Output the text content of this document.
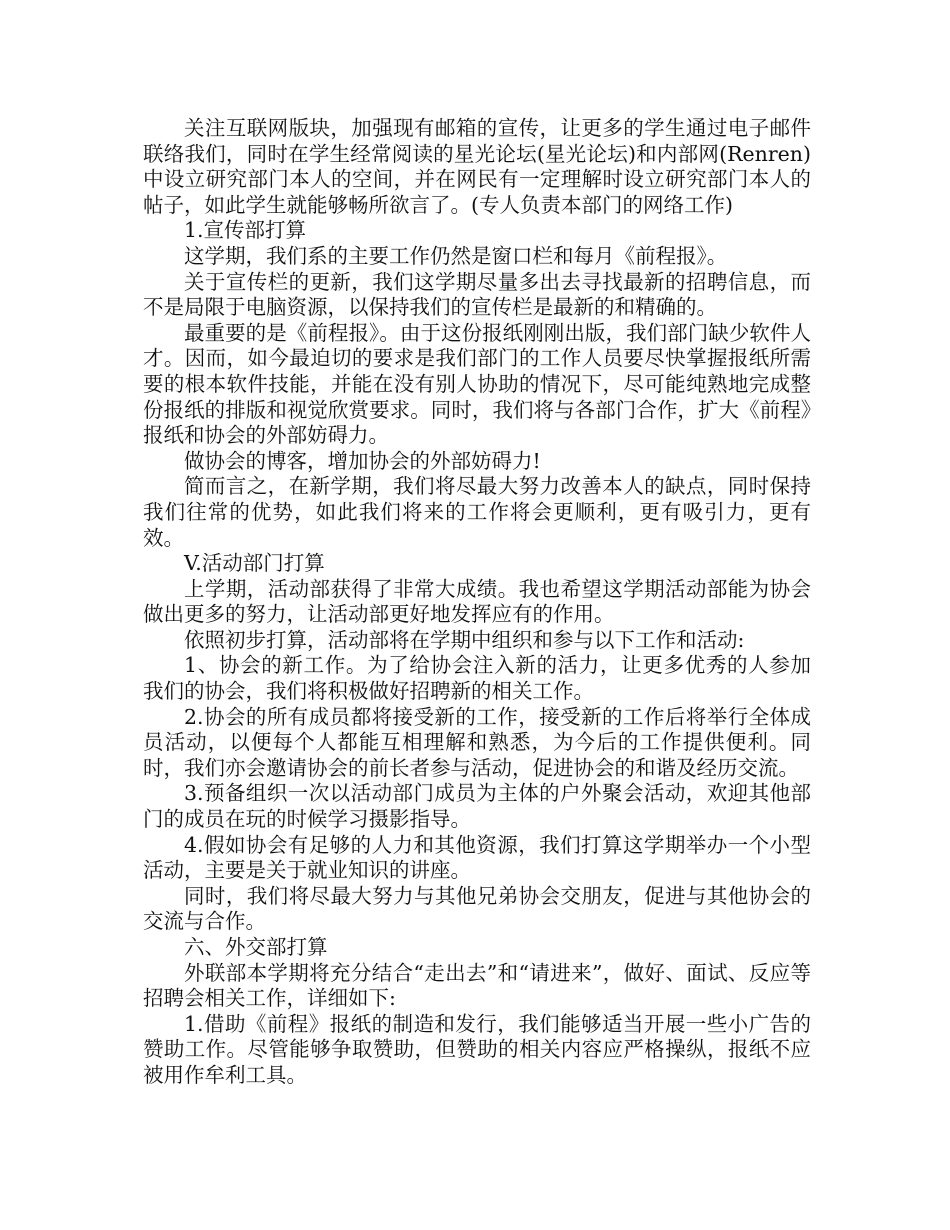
关注互联网版块，加强现有邮箱的宣传，让更多的学生通过电子邮件联络我们，同时在学生经常阅读的星光论坛(星光论坛)和内部网(Renren)中设立研究部门本人的空间，并在网民有一定理解时设立研究部门本人的帖子，如此学生就能够畅所欲言了。(专人负责本部门的网络工作)

1.宣传部打算

这学期，我们系的主要工作仍然是窗口栏和每月《前程报》。

关于宣传栏的更新，我们这学期尽量多出去寻找最新的招聘信息，而不是局限于电脑资源，以保持我们的宣传栏是最新的和精确的。

最重要的是《前程报》。由于这份报纸刚刚出版，我们部门缺少软件人才。因而，如今最迫切的要求是我们部门的工作人员要尽快掌握报纸所需要的根本软件技能，并能在没有别人协助的情况下，尽可能纯熟地完成整份报纸的排版和视觉欣赏要求。同时，我们将与各部门合作，扩大《前程》报纸和协会的外部妨碍力。

做协会的博客，增加协会的外部妨碍力!

简而言之，在新学期，我们将尽最大努力改善本人的缺点，同时保持我们往常的优势，如此我们将来的工作将会更顺利，更有吸引力，更有效。

V.活动部门打算

上学期，活动部获得了非常大成绩。我也希望这学期活动部能为协会做出更多的努力，让活动部更好地发挥应有的作用。

依照初步打算，活动部将在学期中组织和参与以下工作和活动:

1、协会的新工作。为了给协会注入新的活力，让更多优秀的人参加我们的协会，我们将积极做好招聘新的相关工作。

2.协会的所有成员都将接受新的工作，接受新的工作后将举行全体成员活动，以便每个人都能互相理解和熟悉，为今后的工作提供便利。同时，我们亦会邀请协会的前长者参与活动，促进协会的和谐及经历交流。

3.预备组织一次以活动部门成员为主体的户外聚会活动，欢迎其他部门的成员在玩的时候学习摄影指导。

4.假如协会有足够的人力和其他资源，我们打算这学期举办一个小型活动，主要是关于就业知识的讲座。

同时，我们将尽最大努力与其他兄弟协会交朋友，促进与其他协会的交流与合作。

六、外交部打算

外联部本学期将充分结合“走出去”和“请进来”，做好、面试、反应等招聘会相关工作，详细如下:

1.借助《前程》报纸的制造和发行，我们能够适当开展一些小广告的赞助工作。尽管能够争取赞助，但赞助的相关内容应严格操纵，报纸不应被用作牟利工具。
